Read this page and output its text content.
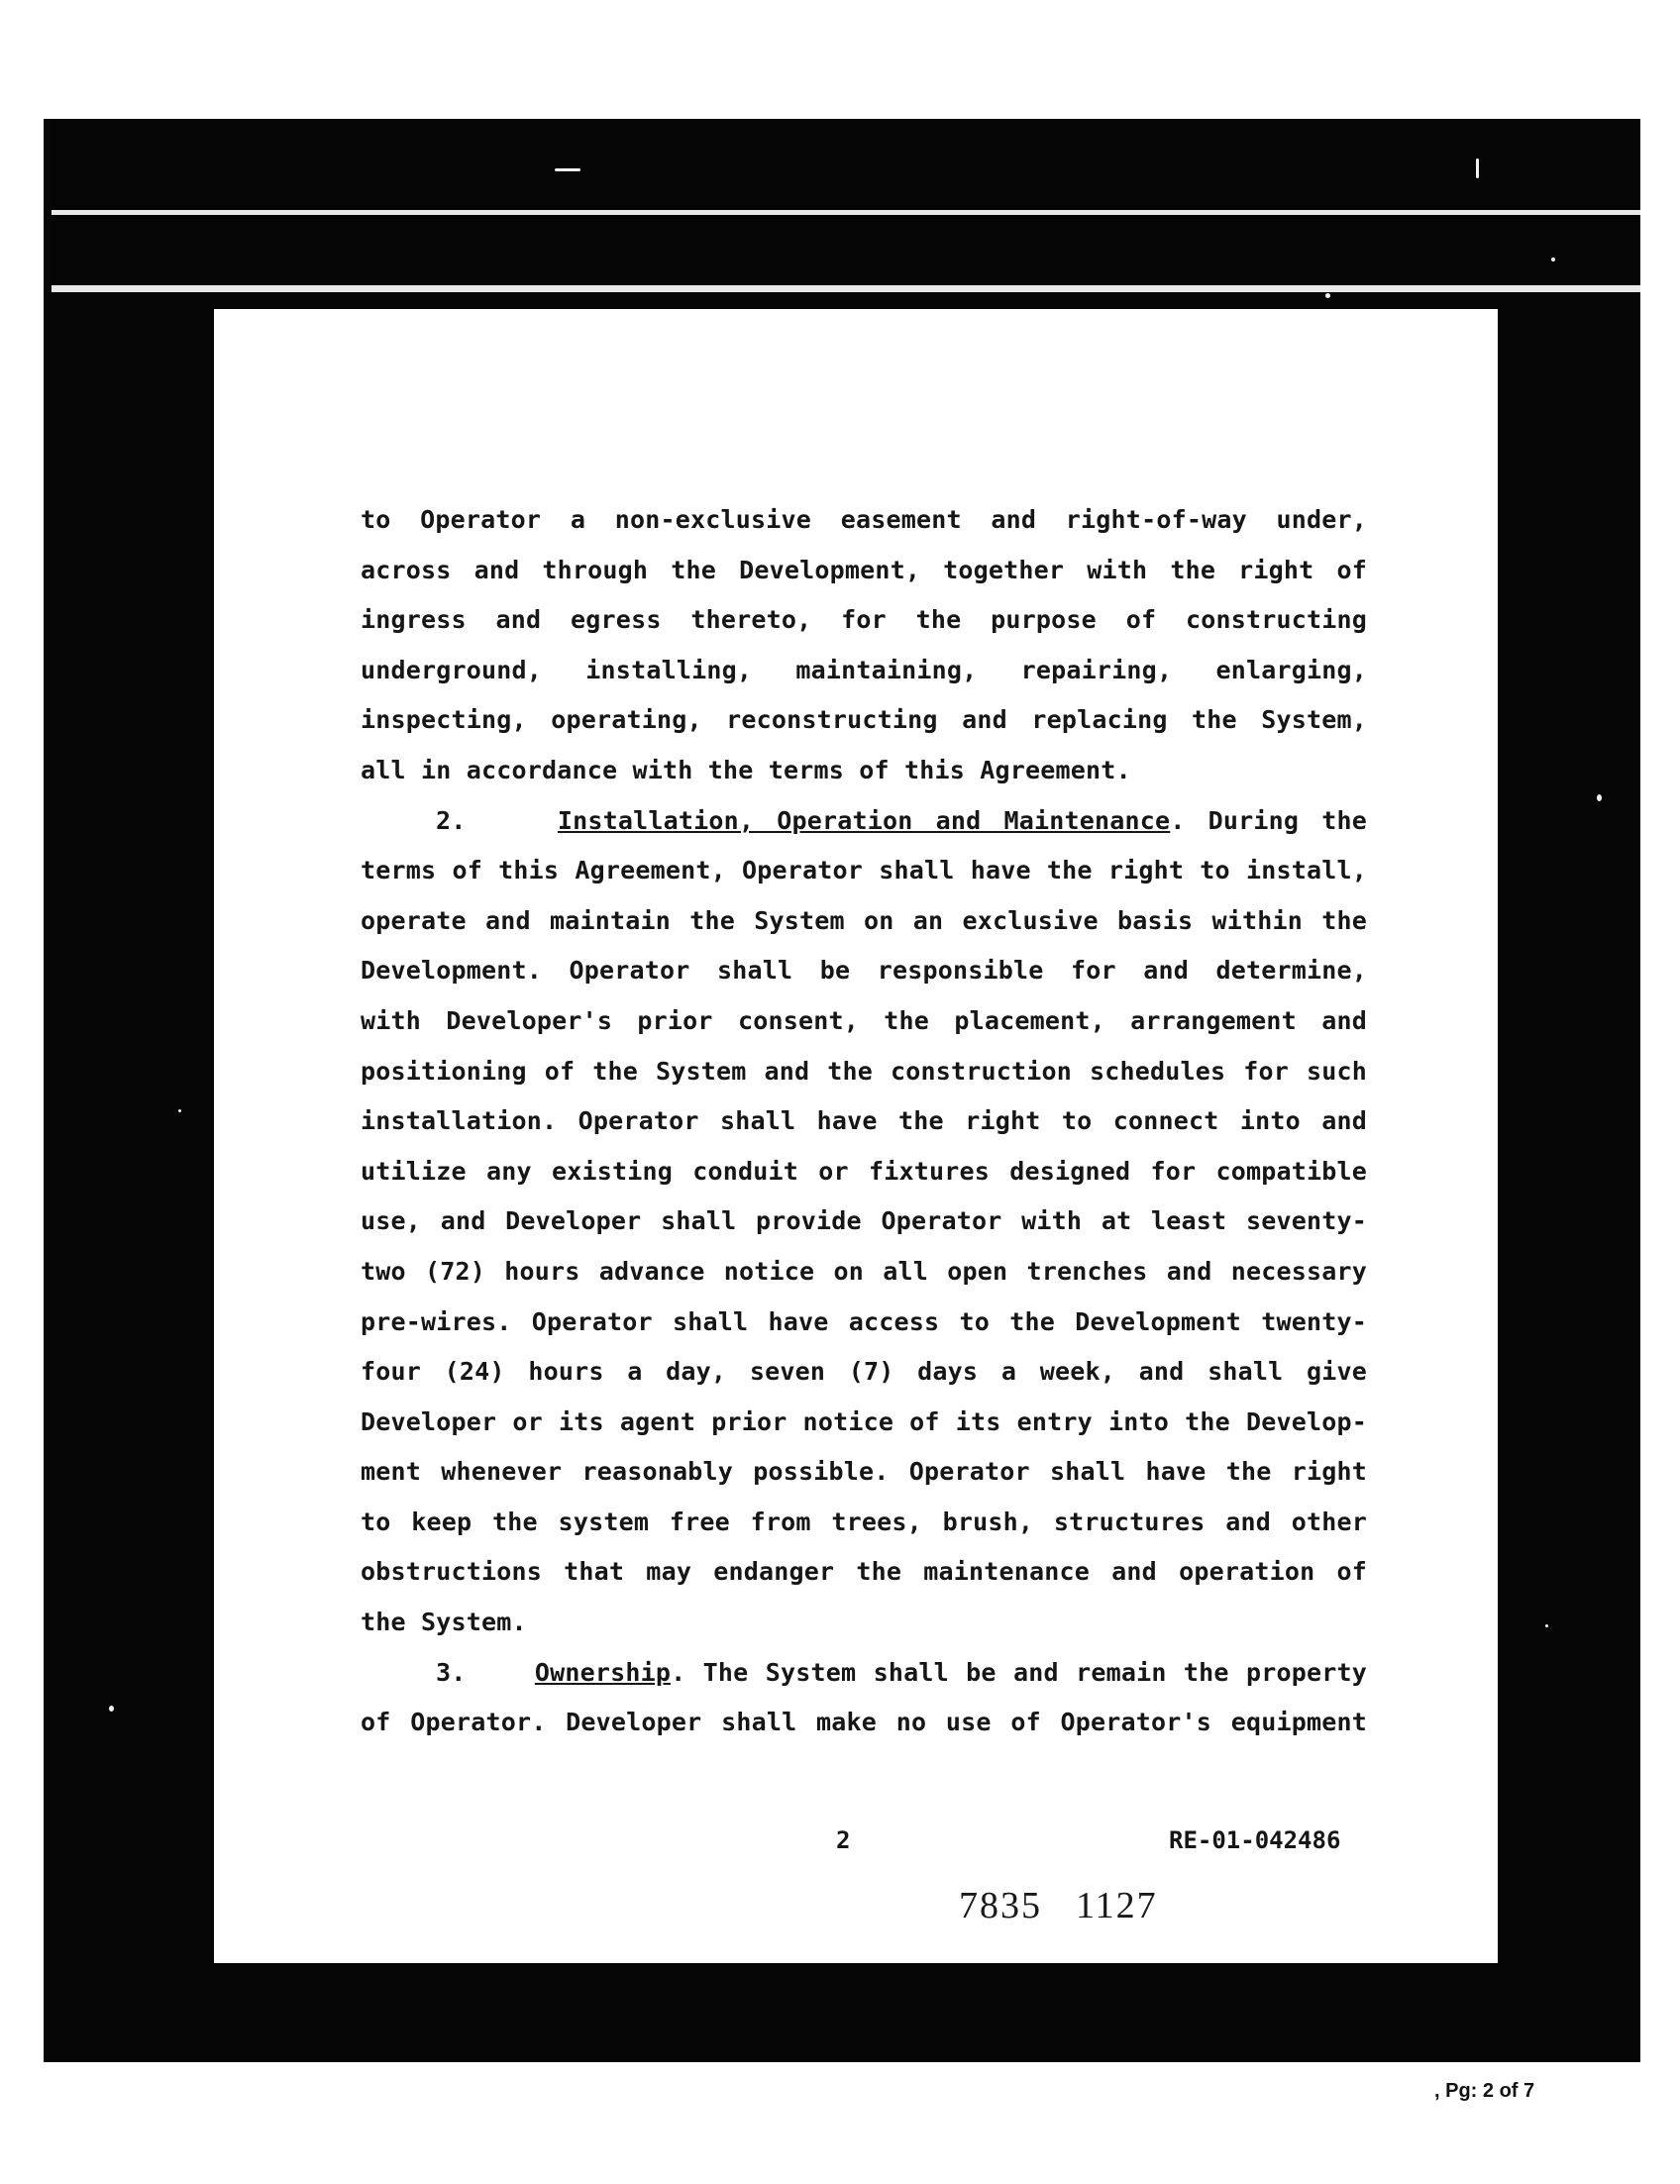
to Operator a non-exclusive easement and right-of-way under,
across and through the Development, together with the right of
ingress and egress thereto, for the purpose of constructing
underground, installing, maintaining, repairing, enlarging,
inspecting, operating, reconstructing and replacing the System,
all in accordance with the terms of this Agreement.
2.	Installation, Operation and Maintenance. During the
terms of this Agreement, Operator shall have the right to install,
operate and maintain the System on an exclusive basis within the
Development. Operator shall be responsible for and determine,
with Developer's prior consent, the placement, arrangement and
positioning of the System and the construction schedules for such
installation. Operator shall have the right to connect into and
utilize any existing conduit or fixtures designed for compatible
use, and Developer shall provide Operator with at least seventy-
two (72) hours advance notice on all open trenches and necessary
pre-wires. Operator shall have access to the Development twenty-
four (24) hours a day, seven (7) days a week, and shall give
Developer or its agent prior notice of its entry into the Develop-
ment whenever reasonably possible. Operator shall have the right
to keep the system free from trees, brush, structures and other
obstructions that may endanger the maintenance and operation of
the System.
3.	Ownership. The System shall be and remain the property
of Operator. Developer shall make no use of Operator's equipment
2	RE-01-042486
7835 1127
, Pg: 2 of 7
